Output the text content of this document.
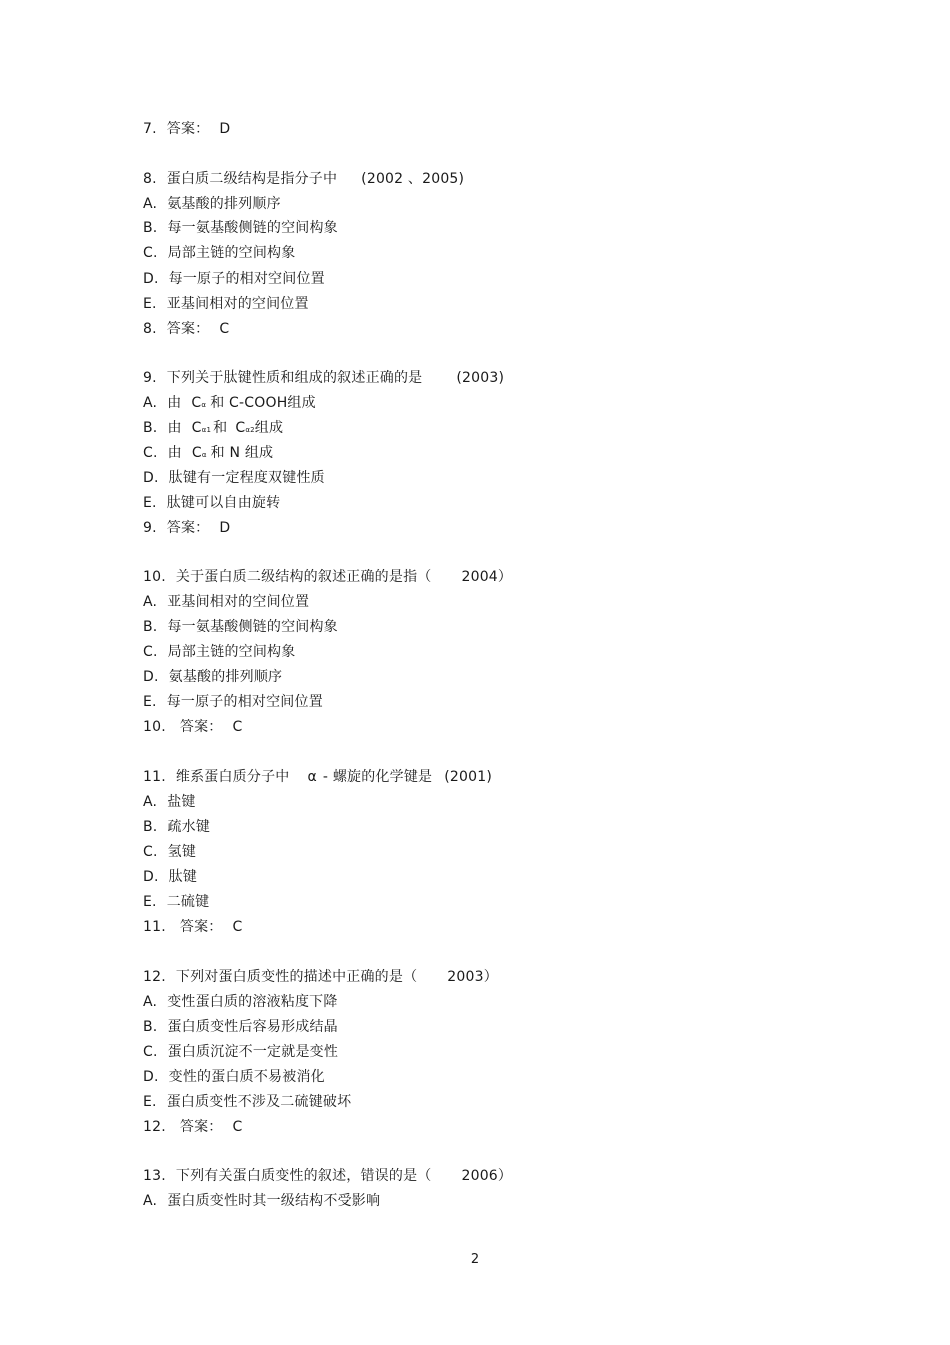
7. 答案： D
8. 蛋白质二级结构是指分子中 (2002 、2005)
A. 氨基酸的排列顺序
B. 每一氨基酸侧链的空间构象
C. 局部主链的空间构象
D. 每一原子的相对空间位置
E. 亚基间相对的空间位置
8. 答案： C
9. 下列关于肽键性质和组成的叙述正确的是 (2003)
A. 由 Cα 和 C-COOH组成
B. 由 Cα1 和 Cα2组成
C. 由 Cα 和 N 组成
D. 肽键有一定程度双键性质
E. 肽键可以自由旋转
9. 答案： D
10. 关于蛋白质二级结构的叙述正确的是指（ 2004）
A. 亚基间相对的空间位置
B. 每一氨基酸侧链的空间构象
C. 局部主链的空间构象
D. 氨基酸的排列顺序
E. 每一原子的相对空间位置
10. 答案： C
11. 维系蛋白质分子中 α - 螺旋的化学键是 (2001)
A. 盐键
B. 疏水键
C. 氢键
D. 肽键
E. 二硫键
11. 答案： C
12. 下列对蛋白质变性的描述中正确的是（ 2003）
A. 变性蛋白质的溶液粘度下降
B. 蛋白质变性后容易形成结晶
C. 蛋白质沉淀不一定就是变性
D. 变性的蛋白质不易被消化
E. 蛋白质变性不涉及二硫键破坏
12. 答案： C
13. 下列有关蛋白质变性的叙述，错误的是（ 2006）
A. 蛋白质变性时其一级结构不受影响
2
